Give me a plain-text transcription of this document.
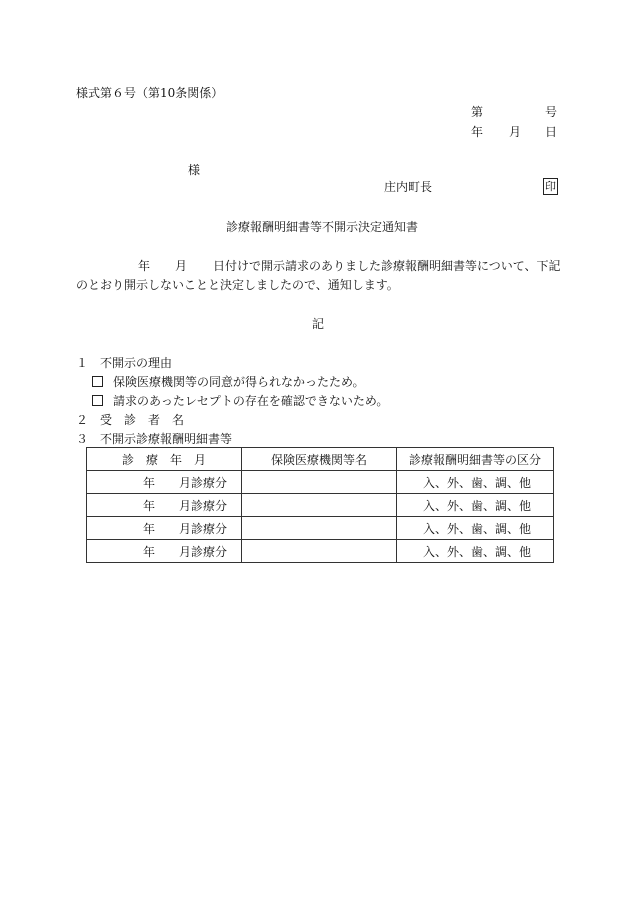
様式第６号（第10条関係）
第	号
年 月 日
様
庄内町長	印
診療報酬明細書等不開示決定通知書
年 月 日付けで開示請求のありました診療報酬明細書等について、下記
のとおり開示しないことと決定しましたので、通知します。
記
１　不開示の理由
保険医療機関等の同意が得られなかったため。
請求のあったレセプトの存在を確認できないため。
２　受　診　者　名
３　不開示診療報酬明細書等
診　療　年　月	保険医療機関等名	診療報酬明細書等の区分
年　　月診療分		入、外、歯、調、他
年　　月診療分		入、外、歯、調、他
年　　月診療分		入、外、歯、調、他
年　　月診療分		入、外、歯、調、他
